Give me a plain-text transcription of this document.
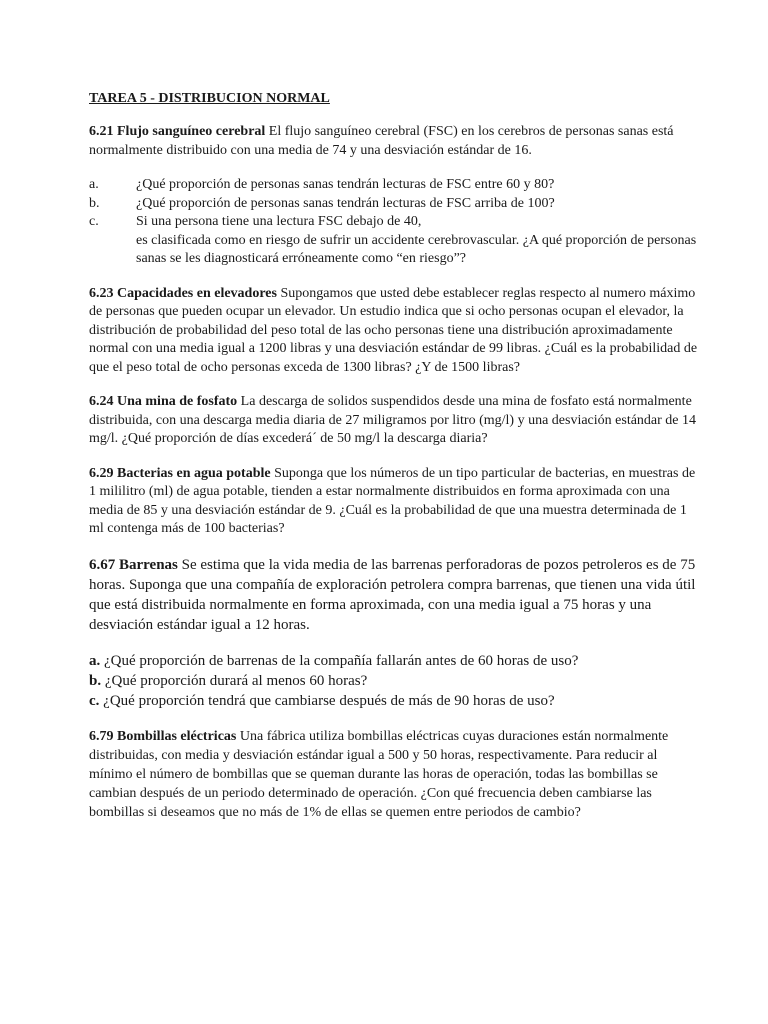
TAREA 5 - DISTRIBUCION NORMAL

6.21 Flujo sanguíneo cerebral El flujo sanguíneo cerebral (FSC) en los cerebros de personas sanas está normalmente distribuido con una media de 74 y una desviación estándar de 16.

a.	¿Qué proporción de personas sanas tendrán lecturas de FSC entre 60 y 80?
b.	¿Qué proporción de personas sanas tendrán lecturas de FSC arriba de 100?
c.	Si una persona tiene una lectura FSC debajo de 40,
es clasificada como en riesgo de sufrir un accidente cerebrovascular. ¿A qué proporción de personas sanas se les diagnosticará erróneamente como “en riesgo”?

6.23 Capacidades en elevadores Supongamos que usted debe establecer reglas respecto al numero máximo de personas que pueden ocupar un elevador. Un estudio indica que si ocho personas ocupan el elevador, la distribución de probabilidad del peso total de las ocho personas tiene una distribución aproximadamente normal con una media igual a 1200 libras y una desviación estándar de 99 libras. ¿Cuál es la probabilidad de que el peso total de ocho personas exceda de 1300 libras? ¿Y de 1500 libras?

6.24 Una mina de fosfato La descarga de solidos suspendidos desde una mina de fosfato está normalmente distribuida, con una descarga media diaria de 27 miligramos por litro (mg/l) y una desviación estándar de 14 mg/l. ¿Qué proporción de días excederá´ de 50 mg/l la descarga diaria?

6.29 Bacterias en agua potable Suponga que los números de un tipo particular de bacterias, en muestras de 1 mililitro (ml) de agua potable, tienden a estar normalmente distribuidos en forma aproximada con una media de 85 y una desviación estándar de 9. ¿Cuál es la probabilidad de que una muestra determinada de 1 ml contenga más de 100 bacterias?

6.67 Barrenas Se estima que la vida media de las barrenas perforadoras de pozos petroleros es de 75 horas. Suponga que una compañía de exploración petrolera compra barrenas, que tienen una vida útil que está distribuida normalmente en forma aproximada, con una media igual a 75 horas y una desviación estándar igual a 12 horas.

a. ¿Qué proporción de barrenas de la compañía fallarán antes de 60 horas de uso?
b. ¿Qué proporción durará al menos 60 horas?
c. ¿Qué proporción tendrá que cambiarse después de más de 90 horas de uso?

6.79 Bombillas eléctricas Una fábrica utiliza bombillas eléctricas cuyas duraciones están normalmente distribuidas, con media y desviación estándar igual a 500 y 50 horas, respectivamente. Para reducir al mínimo el número de bombillas que se queman durante las horas de operación, todas las bombillas se cambian después de un periodo determinado de operación. ¿Con qué frecuencia deben cambiarse las bombillas si deseamos que no más de 1% de ellas se quemen entre periodos de cambio?
